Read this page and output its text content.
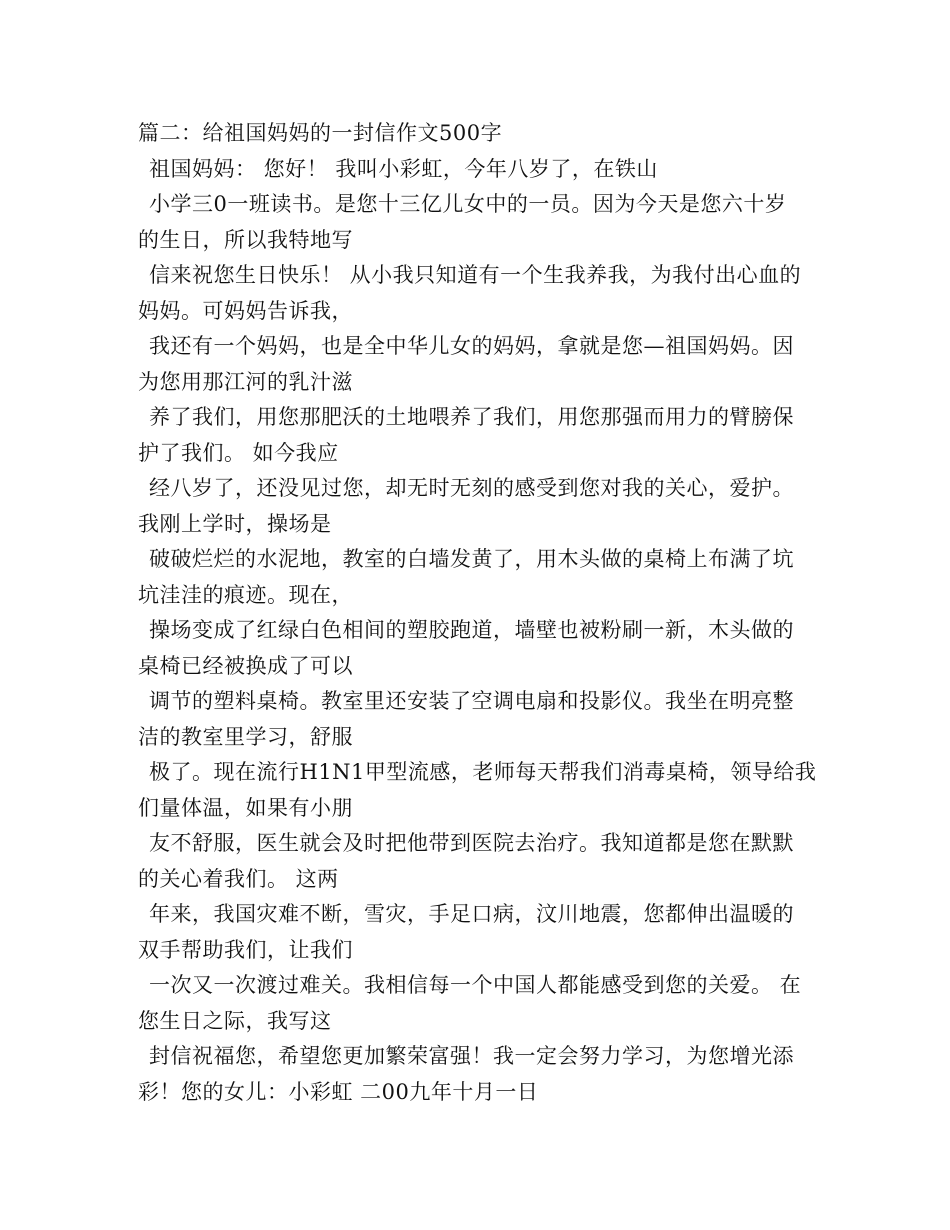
篇二：给祖国妈妈的一封信作文500字
祖国妈妈： 您好！ 我叫小彩虹，今年八岁了，在铁山
小学三0一班读书。是您十三亿儿女中的一员。因为今天是您六十岁
的生日，所以我特地写
信来祝您生日快乐！ 从小我只知道有一个生我养我，为我付出心血的
妈妈。可妈妈告诉我，
我还有一个妈妈，也是全中华儿女的妈妈，拿就是您—祖国妈妈。因
为您用那江河的乳汁滋
养了我们，用您那肥沃的土地喂养了我们，用您那强而用力的臂膀保
护了我们。 如今我应
经八岁了，还没见过您，却无时无刻的感受到您对我的关心，爱护。
我刚上学时，操场是
破破烂烂的水泥地，教室的白墙发黄了，用木头做的桌椅上布满了坑
坑洼洼的痕迹。现在，
操场变成了红绿白色相间的塑胶跑道，墙壁也被粉刷一新，木头做的
桌椅已经被换成了可以
调节的塑料桌椅。教室里还安装了空调电扇和投影仪。我坐在明亮整
洁的教室里学习，舒服
极了。现在流行H1N1甲型流感，老师每天帮我们消毒桌椅，领导给我
们量体温，如果有小朋
友不舒服，医生就会及时把他带到医院去治疗。我知道都是您在默默
的关心着我们。 这两
年来，我国灾难不断，雪灾，手足口病，汶川地震，您都伸出温暖的
双手帮助我们，让我们
一次又一次渡过难关。我相信每一个中国人都能感受到您的关爱。 在
您生日之际，我写这
封信祝福您，希望您更加繁荣富强！我一定会努力学习，为您增光添
彩！您的女儿：小彩虹 二00九年十月一日
